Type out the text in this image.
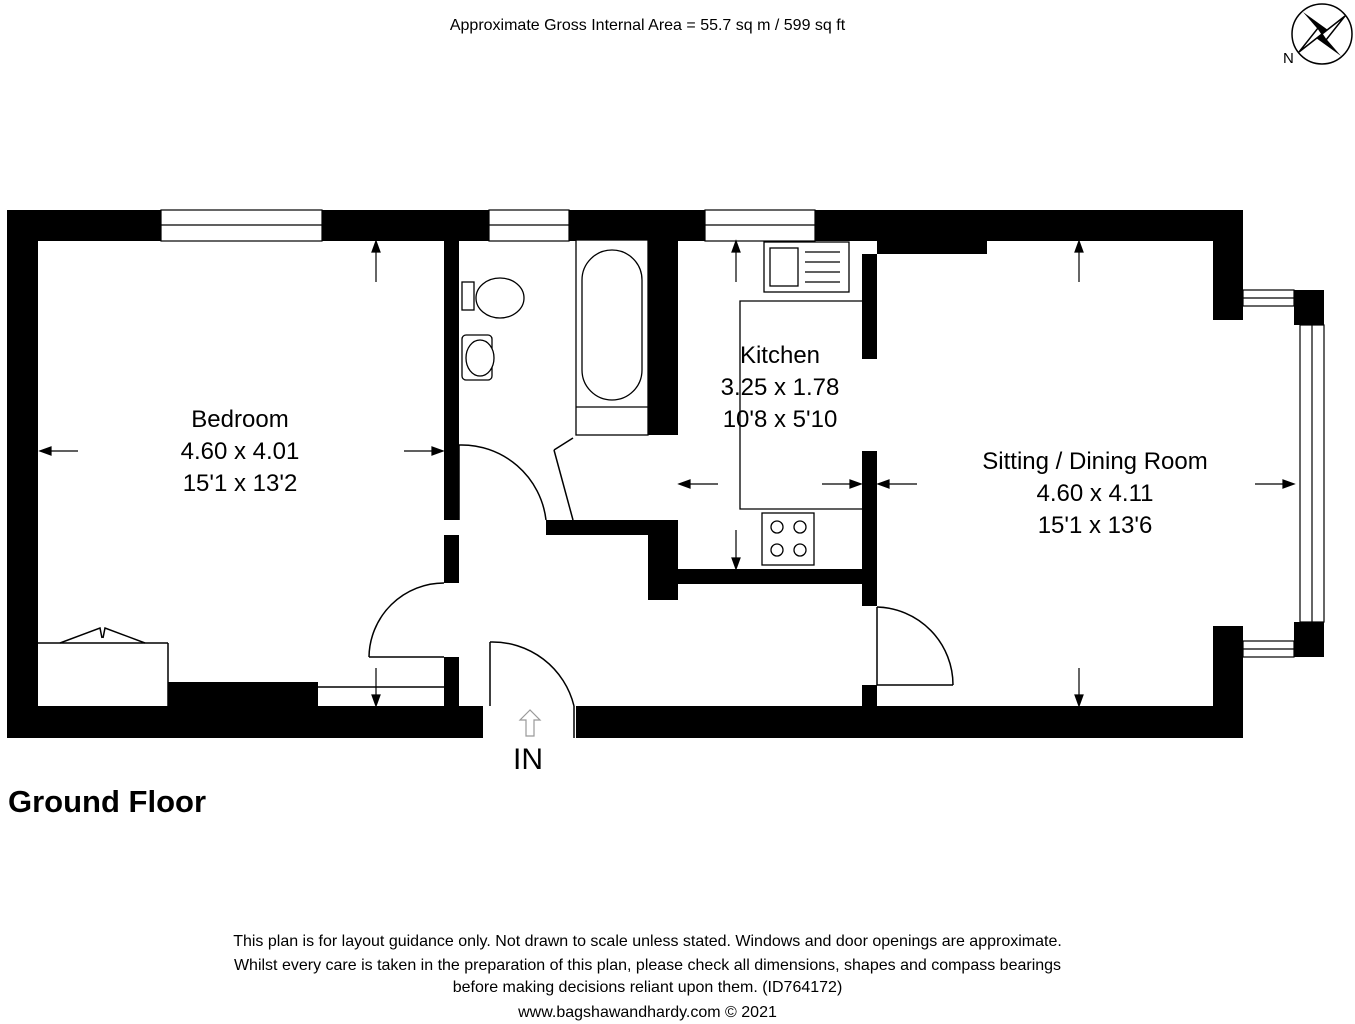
Approximate Gross Internal Area = 55.7 sq m / 599 sq ft
N
Bedroom
4.60 x 4.01
15'1 x 13'2
Kitchen
3.25 x 1.78
10'8 x 5'10
Sitting / Dining Room
4.60 x 4.11
15'1 x 13'6
IN
Ground Floor
This plan is for layout guidance only. Not drawn to scale unless stated. Windows and door openings are approximate.
Whilst every care is taken in the preparation of this plan, please check all dimensions, shapes and compass bearings
before making decisions reliant upon them. (ID764172)
www.bagshawandhardy.com © 2021
